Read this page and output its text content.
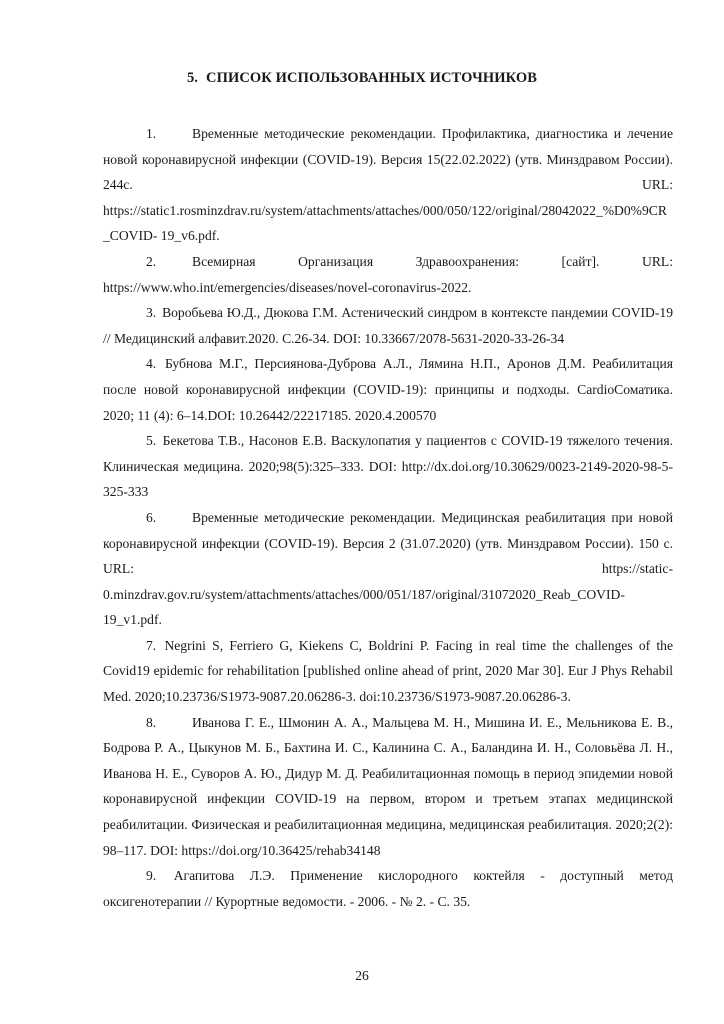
5. СПИСОК ИСПОЛЬЗОВАННЫХ ИСТОЧНИКОВ

1.	Временные методические рекомендации. Профилактика, диагностика и лечение новой коронавирусной инфекции (COVID-19). Версия 15(22.02.2022) (утв. Минздравом России). 244с. URL: https://static1.rosminzdrav.ru/system/attachments/attaches/000/050/122/original/28042022_%D0%9CR_COVID- 19_v6.pdf.

2.	Всемирная Организация Здравоохранения: [сайт]. URL: https://www.who.int/emergencies/diseases/novel-coronavirus-2022.

3. Воробьева Ю.Д., Дюкова Г.М. Астенический синдром в контексте пандемии COVID-19 // Медицинский алфавит.2020. С.26-34. DOI: 10.33667/2078-5631-2020-33-26-34

4. Бубнова М.Г., Персиянова-Дуброва А.Л., Лямина Н.П., Аронов Д.М. Реабилитация после новой коронавирусной инфекции (COVID-19): принципы и подходы. CardioСоматика. 2020; 11 (4): 6–14.DOI: 10.26442/22217185. 2020.4.200570

5. Бекетова Т.В., Насонов Е.В. Васкулопатия у пациентов с COVID-19 тяжелого течения. Клиническая медицина. 2020;98(5):325–333. DOI: http://dx.doi.org/10.30629/0023-2149-2020-98-5-325-333

6.	Временные методические рекомендации. Медицинская реабилитация при новой коронавирусной инфекции (COVID-19). Версия 2 (31.07.2020) (утв. Минздравом России). 150 с. URL: https://static-0.minzdrav.gov.ru/system/attachments/attaches/000/051/187/original/31072020_Reab_COVID-19_v1.pdf.

7. Negrini S, Ferriero G, Kiekens C, Boldrini P. Facing in real time the challenges of the Covid19 epidemic for rehabilitation [published online ahead of print, 2020 Mar 30]. Eur J Phys Rehabil Med. 2020;10.23736/S1973-9087.20.06286-3. doi:10.23736/S1973-9087.20.06286-3.

8.	Иванова Г. Е., Шмонин А. А., Мальцева М. Н., Мишина И. Е., Мельникова Е. В., Бодрова Р. А., Цыкунов М. Б., Бахтина И. С., Калинина С. А., Баландина И. Н., Соловьёва Л. Н., Иванова Н. Е., Суворов А. Ю., Дидур М. Д. Реабилитационная помощь в период эпидемии новой коронавирусной инфекции COVID-19 на первом, втором и третьем этапах медицинской реабилитации. Физическая и реабилитационная медицина, медицинская реабилитация. 2020;2(2): 98–117. DOI: https://doi.org/10.36425/rehab34148

9. Агапитова Л.Э. Применение кислородного коктейля - доступный метод оксигенотерапии // Курортные ведомости. - 2006. - № 2. - С. 35.

26
